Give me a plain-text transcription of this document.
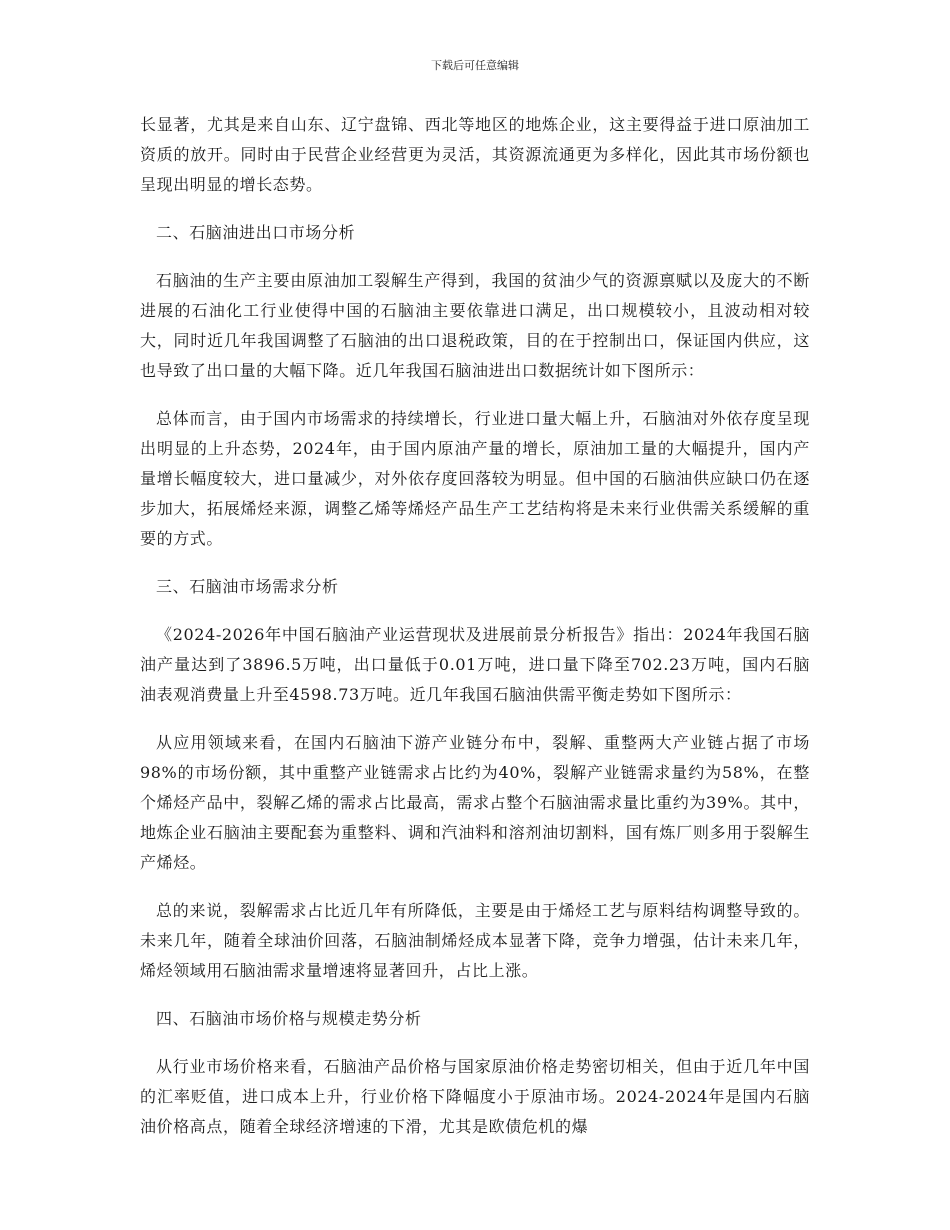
下载后可任意编辑

长显著，尤其是来自山东、辽宁盘锦、西北等地区的地炼企业，这主要得益于进口原油加工资质的放开。同时由于民营企业经营更为灵活，其资源流通更为多样化，因此其市场份额也呈现出明显的增长态势。

二、石脑油进出口市场分析

石脑油的生产主要由原油加工裂解生产得到，我国的贫油少气的资源禀赋以及庞大的不断进展的石油化工行业使得中国的石脑油主要依靠进口满足，出口规模较小，且波动相对较大，同时近几年我国调整了石脑油的出口退税政策，目的在于控制出口，保证国内供应，这也导致了出口量的大幅下降。近几年我国石脑油进出口数据统计如下图所示：

总体而言，由于国内市场需求的持续增长，行业进口量大幅上升，石脑油对外依存度呈现出明显的上升态势，2024年，由于国内原油产量的增长，原油加工量的大幅提升，国内产量增长幅度较大，进口量减少，对外依存度回落较为明显。但中国的石脑油供应缺口仍在逐步加大，拓展烯烃来源，调整乙烯等烯烃产品生产工艺结构将是未来行业供需关系缓解的重要的方式。

三、石脑油市场需求分析

《2024-2026年中国石脑油产业运营现状及进展前景分析报告》指出：2024年我国石脑油产量达到了3896.5万吨，出口量低于0.01万吨，进口量下降至702.23万吨，国内石脑油表观消费量上升至4598.73万吨。近几年我国石脑油供需平衡走势如下图所示：

从应用领域来看，在国内石脑油下游产业链分布中，裂解、重整两大产业链占据了市场98%的市场份额，其中重整产业链需求占比约为40%，裂解产业链需求量约为58%，在整个烯烃产品中，裂解乙烯的需求占比最高，需求占整个石脑油需求量比重约为39%。其中，地炼企业石脑油主要配套为重整料、调和汽油料和溶剂油切割料，国有炼厂则多用于裂解生产烯烃。

总的来说，裂解需求占比近几年有所降低，主要是由于烯烃工艺与原料结构调整导致的。未来几年，随着全球油价回落，石脑油制烯烃成本显著下降，竞争力增强，估计未来几年，烯烃领域用石脑油需求量增速将显著回升，占比上涨。

四、石脑油市场价格与规模走势分析

从行业市场价格来看，石脑油产品价格与国家原油价格走势密切相关，但由于近几年中国的汇率贬值，进口成本上升，行业价格下降幅度小于原油市场。2024-2024年是国内石脑油价格高点，随着全球经济增速的下滑，尤其是欧债危机的爆
